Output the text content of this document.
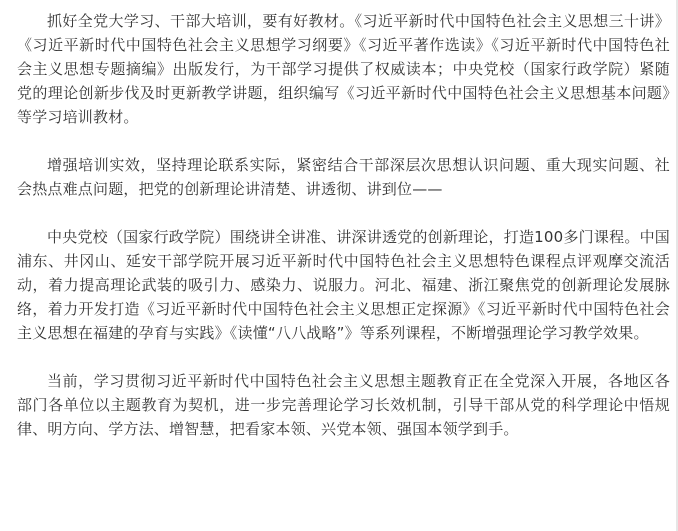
抓好全党大学习、干部大培训，要有好教材。《习近平新时代中国特色社会主义思想三十讲》《习近平新时代中国特色社会主义思想学习纲要》《习近平著作选读》《习近平新时代中国特色社会主义思想专题摘编》出版发行，为干部学习提供了权威读本；中央党校（国家行政学院）紧随党的理论创新步伐及时更新教学讲题，组织编写《习近平新时代中国特色社会主义思想基本问题》等学习培训教材。

增强培训实效，坚持理论联系实际，紧密结合干部深层次思想认识问题、重大现实问题、社会热点难点问题，把党的创新理论讲清楚、讲透彻、讲到位——

中央党校（国家行政学院）围绕讲全讲准、讲深讲透党的创新理论，打造100多门课程。中国浦东、井冈山、延安干部学院开展习近平新时代中国特色社会主义思想特色课程点评观摩交流活动，着力提高理论武装的吸引力、感染力、说服力。河北、福建、浙江聚焦党的创新理论发展脉络，着力开发打造《习近平新时代中国特色社会主义思想正定探源》《习近平新时代中国特色社会主义思想在福建的孕育与实践》《读懂“八八战略”》等系列课程，不断增强理论学习教学效果。

当前，学习贯彻习近平新时代中国特色社会主义思想主题教育正在全党深入开展，各地区各部门各单位以主题教育为契机，进一步完善理论学习长效机制，引导干部从党的科学理论中悟规律、明方向、学方法、增智慧，把看家本领、兴党本领、强国本领学到手。
